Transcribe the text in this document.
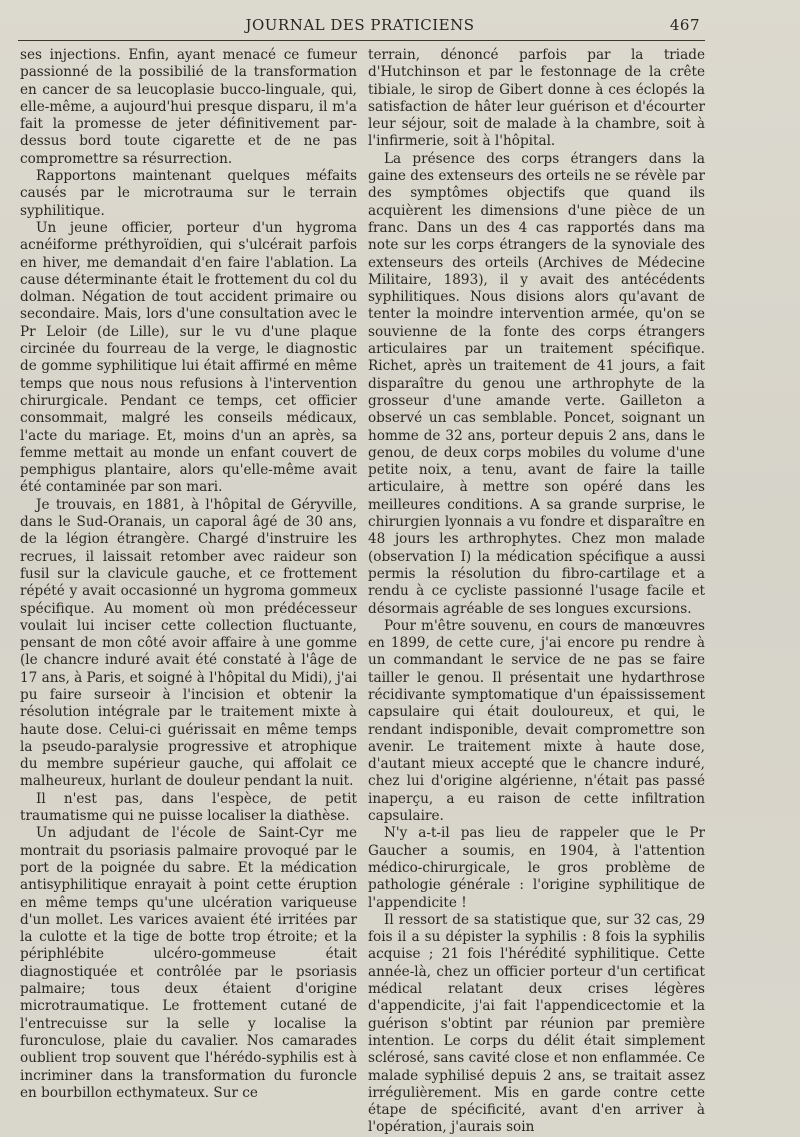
JOURNAL DES PRATICIENS	467

ses injections. Enfin, ayant menacé ce fumeur passionné de la possibilié de la transformation en cancer de sa leucoplasie bucco-linguale, qui, elle-même, a aujourd'hui presque disparu, il m'a fait la promesse de jeter définitivement par-dessus bord toute cigarette et de ne pas compromettre sa résurrection.

Rapportons maintenant quelques méfaits causés par le microtrauma sur le terrain syphilitique.

Un jeune officier, porteur d'un hygroma acnéiforme préthyroïdien, qui s'ulcérait parfois en hiver, me demandait d'en faire l'ablation. La cause déterminante était le frottement du col du dolman. Négation de tout accident primaire ou secondaire. Mais, lors d'une consultation avec le Pr Leloir (de Lille), sur le vu d'une plaque circinée du fourreau de la verge, le diagnostic de gomme syphilitique lui était affirmé en même temps que nous nous refusions à l'intervention chirurgicale. Pendant ce temps, cet officier consommait, malgré les conseils médicaux, l'acte du mariage. Et, moins d'un an après, sa femme mettait au monde un enfant couvert de pemphigus plantaire, alors qu'elle-même avait été contaminée par son mari.

Je trouvais, en 1881, à l'hôpital de Géryville, dans le Sud-Oranais, un caporal âgé de 30 ans, de la légion étrangère. Chargé d'instruire les recrues, il laissait retomber avec raideur son fusil sur la clavicule gauche, et ce frottement répété y avait occasionné un hygroma gommeux spécifique. Au moment où mon prédécesseur voulait lui inciser cette collection fluctuante, pensant de mon côté avoir affaire à une gomme (le chancre induré avait été constaté à l'âge de 17 ans, à Paris, et soigné à l'hôpital du Midi), j'ai pu faire surseoir à l'incision et obtenir la résolution intégrale par le traitement mixte à haute dose. Celui-ci guérissait en même temps la pseudo-paralysie progressive et atrophique du membre supérieur gauche, qui affolait ce malheureux, hurlant de douleur pendant la nuit.

Il n'est pas, dans l'espèce, de petit traumatisme qui ne puisse localiser la diathèse.

Un adjudant de l'école de Saint-Cyr me montrait du psoriasis palmaire provoqué par le port de la poignée du sabre. Et la médication antisyphilitique enrayait à point cette éruption en même temps qu'une ulcération variqueuse d'un mollet. Les varices avaient été irritées par la culotte et la tige de botte trop étroite; et la périphlébite ulcéro-gommeuse était diagnostiquée et contrôlée par le psoriasis palmaire; tous deux étaient d'origine microtraumatique. Le frottement cutané de l'entrecuisse sur la selle y localise la furonculose, plaie du cavalier. Nos camarades oublient trop souvent que l'hérédo-syphilis est à incriminer dans la transformation du furoncle en bourbillon ecthymateux. Sur ce

terrain, dénoncé parfois par la triade d'Hutchinson et par le festonnage de la crête tibiale, le sirop de Gibert donne à ces éclopés la satisfaction de hâter leur guérison et d'écourter leur séjour, soit de malade à la chambre, soit à l'infirmerie, soit à l'hôpital.

La présence des corps étrangers dans la gaine des extenseurs des orteils ne se révèle par des symptômes objectifs que quand ils acquièrent les dimensions d'une pièce de un franc. Dans un des 4 cas rapportés dans ma note sur les corps étrangers de la synoviale des extenseurs des orteils (Archives de Médecine Militaire, 1893), il y avait des antécédents syphilitiques. Nous disions alors qu'avant de tenter la moindre intervention armée, qu'on se souvienne de la fonte des corps étrangers articulaires par un traitement spécifique. Richet, après un traitement de 41 jours, a fait disparaître du genou une arthrophyte de la grosseur d'une amande verte. Gailleton a observé un cas semblable. Poncet, soignant un homme de 32 ans, porteur depuis 2 ans, dans le genou, de deux corps mobiles du volume d'une petite noix, a tenu, avant de faire la taille articulaire, à mettre son opéré dans les meilleures conditions. A sa grande surprise, le chirurgien lyonnais a vu fondre et disparaître en 48 jours les arthrophytes. Chez mon malade (observation I) la médication spécifique a aussi permis la résolution du fibro-cartilage et a rendu à ce cycliste passionné l'usage facile et désormais agréable de ses longues excursions.

Pour m'être souvenu, en cours de manœuvres en 1899, de cette cure, j'ai encore pu rendre à un commandant le service de ne pas se faire tailler le genou. Il présentait une hydarthrose récidivante symptomatique d'un épaississement capsulaire qui était douloureux, et qui, le rendant indisponible, devait compromettre son avenir. Le traitement mixte à haute dose, d'autant mieux accepté que le chancre induré, chez lui d'origine algérienne, n'était pas passé inaperçu, a eu raison de cette infiltration capsulaire.

N'y a-t-il pas lieu de rappeler que le Pr Gaucher a soumis, en 1904, à l'attention médico-chirurgicale, le gros problème de pathologie générale : l'origine syphilitique de l'appendicite !

Il ressort de sa statistique que, sur 32 cas, 29 fois il a su dépister la syphilis : 8 fois la syphilis acquise ; 21 fois l'hérédité syphilitique. Cette année-là, chez un officier porteur d'un certificat médical relatant deux crises légères d'appendicite, j'ai fait l'appendicectomie et la guérison s'obtint par réunion par première intention. Le corps du délit était simplement sclérosé, sans cavité close et non enflammée. Ce malade syphilisé depuis 2 ans, se traitait assez irrégulièrement. Mis en garde contre cette étape de spécificité, avant d'en arriver à l'opération, j'aurais soin
